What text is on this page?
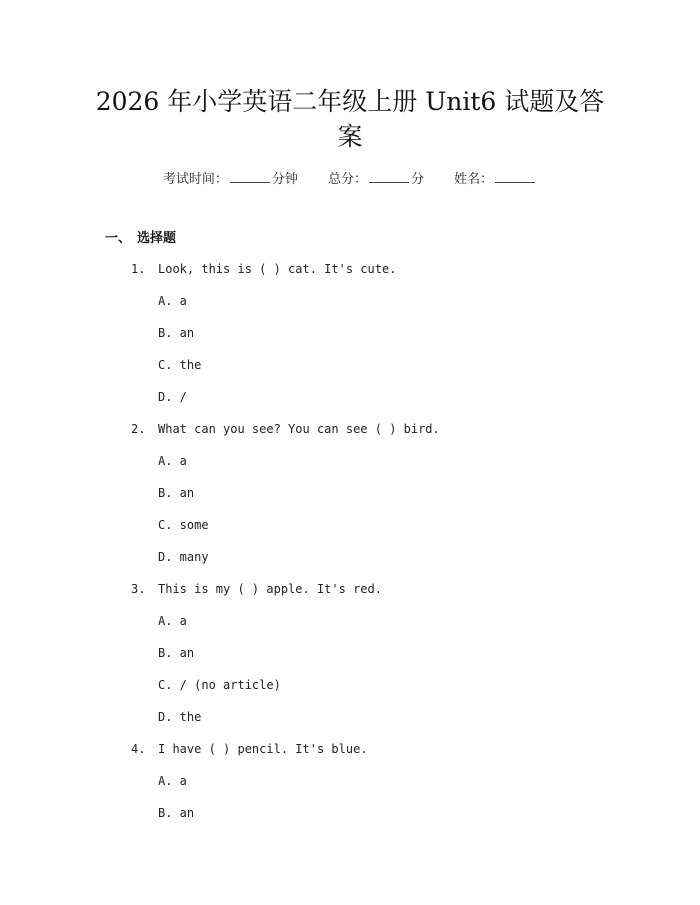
2026 年小学英语二年级上册 Unit6 试题及答
案
考试时间：	分钟 总分：	分 姓名：
一、 选择题
1. Look, this is ( ) cat. It's cute.
A. a
B. an
C. the
D. /
2. What can you see? You can see ( ) bird.
A. a
B. an
C. some
D. many
3. This is my ( ) apple. It's red.
A. a
B. an
C. / (no article)
D. the
4. I have ( ) pencil. It's blue.
A. a
B. an
